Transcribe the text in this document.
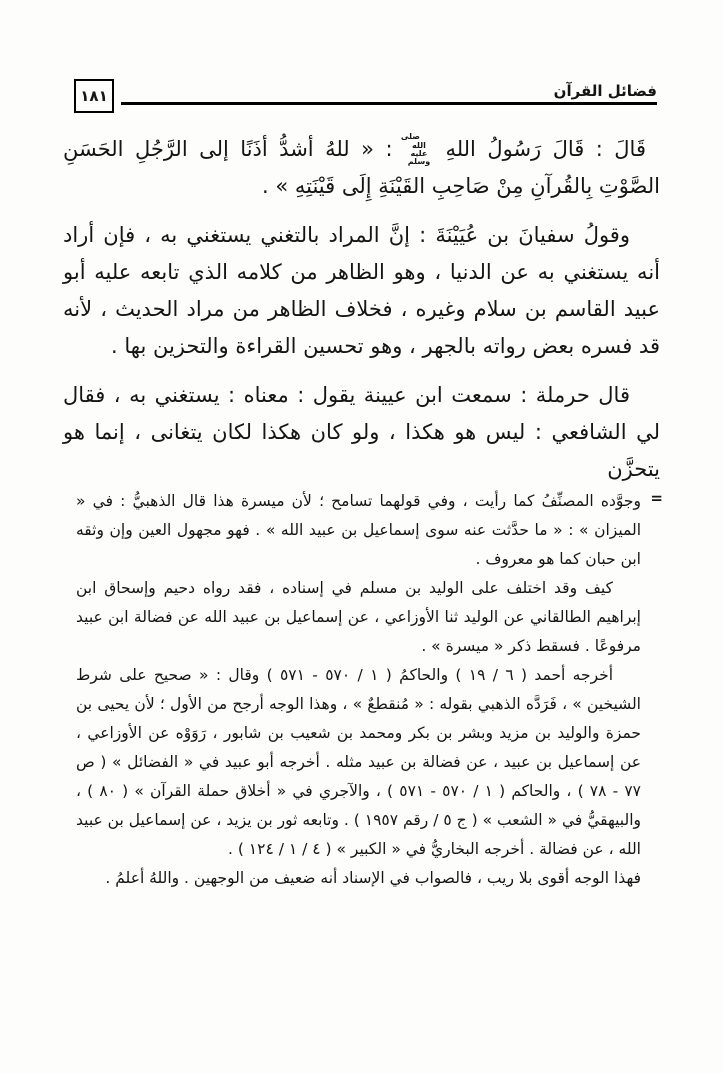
١٨١	فضائل القرآن

قَالَ : قَالَ رَسُولُ اللهِ صلى الله عليه وسلم : « للهُ أشدُّ أذَنًا إلى الرَّجُلِ الحَسَنِ الصَّوْتِ بِالقُرآنِ مِنْ صَاحِبِ القَيْنَةِ إِلَى قَيْنَتِهِ » .

وقولُ سفيانَ بن عُيَيْنَةَ : إنَّ المراد بالتغني يستغني به ، فإن أراد أنه يستغني به عن الدنيا ، وهو الظاهر من كلامه الذي تابعه عليه أبو عبيد القاسم بن سلام وغيره ، فخلاف الظاهر من مراد الحديث ، لأنه قد فسره بعض رواته بالجهر ، وهو تحسين القراءة والتحزين بها .

قال حرملة : سمعت ابن عيينة يقول : معناه : يستغني به ، فقال لي الشافعي : ليس هو هكذا ، ولو كان هكذا لكان يتغانى ، إنما هو يتحزَّن

=

وجوَّده المصنِّفُ كما رأيت ، وفي قولهما تسامح ؛ لأن ميسرة هذا قال الذهبيُّ : في « الميزان » : « ما حدَّثت عنه سوى إسماعيل بن عبيد الله » . فهو مجهول العين وإن وثقه ابن حبان كما هو معروف .

كيف وقد اختلف على الوليد بن مسلم في إسناده ، فقد رواه دحيم وإسحاق ابن إبراهيم الطالقاني عن الوليد ثنا الأوزاعي ، عن إسماعيل بن عبيد الله عن فضالة ابن عبيد مرفوعًا . فسقط ذكر « ميسرة » .

أخرجه أحمد ( ٦ / ١٩ ) والحاكمُ ( ١ / ٥٧٠ - ٥٧١ ) وقال : « صحيح على شرط الشيخين » ، فَرَدَّه الذهبي بقوله : « مُنقطعٌ » ، وهذا الوجه أرجح من الأول ؛ لأن يحيى بن حمزة والوليد بن مزيد وبشر بن بكر ومحمد بن شعيب بن شابور ، رَوَوْه عن الأوزاعي ، عن إسماعيل بن عبيد ، عن فضالة بن عبيد مثله . أخرجه أبو عبيد في « الفضائل » ( ص ٧٧ - ٧٨ ) ، والحاكم ( ١ / ٥٧٠ - ٥٧١ ) ، والآجري في « أخلاق حملة القرآن » ( ٨٠ ) ، والبيهقيُّ في « الشعب » ( ج ٥ / رقم ١٩٥٧ ) . وتابعه ثور بن يزيد ، عن إسماعيل بن عبيد الله ، عن فضالة . أخرجه البخاريُّ في « الكبير » ( ٤ / ١ / ١٢٤ ) .

فهذا الوجه أقوى بلا ريب ، فالصواب في الإسناد أنه ضعيف من الوجهين . واللهُ أعلمُ .
